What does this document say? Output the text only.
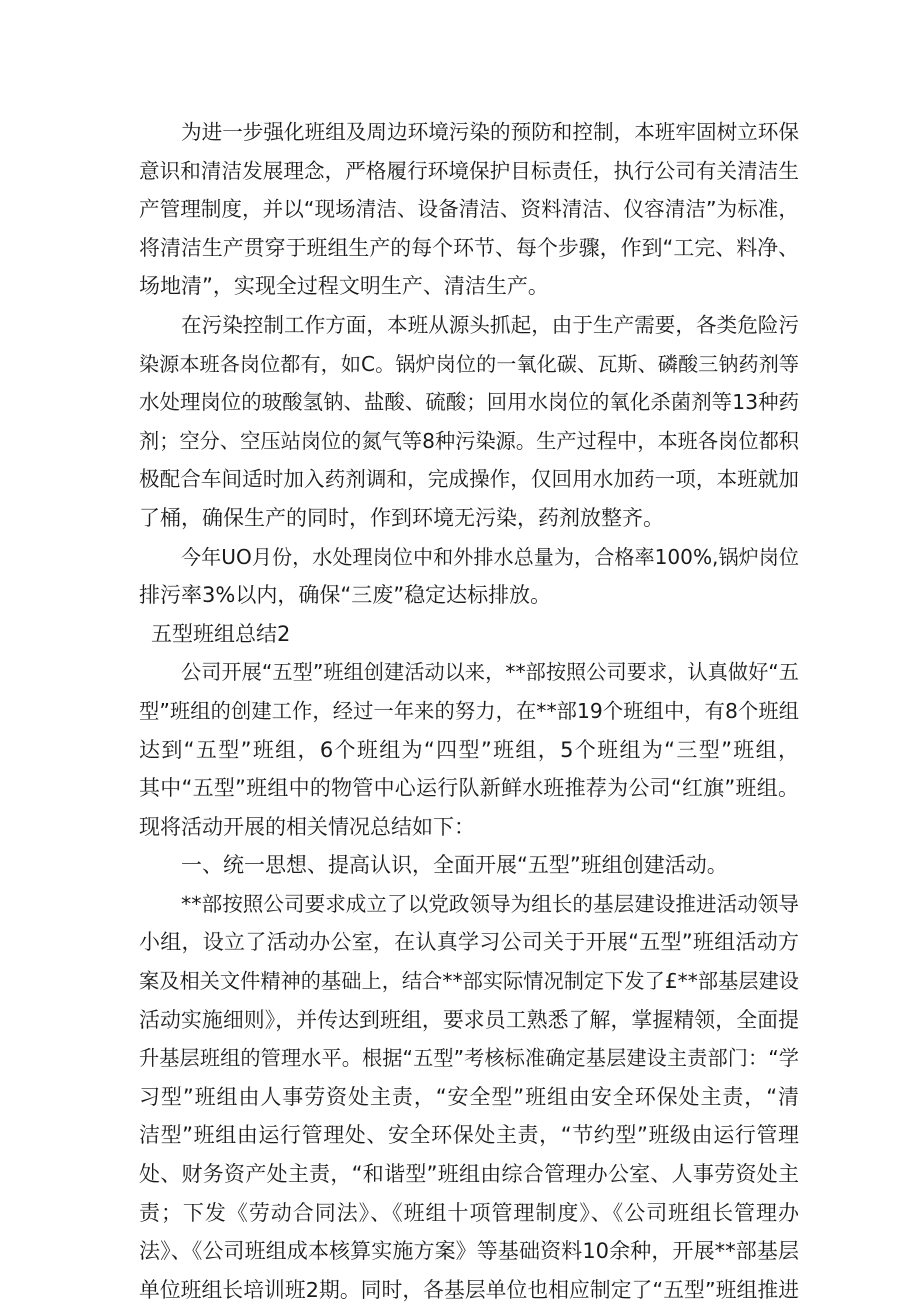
为进一步强化班组及周边环境污染的预防和控制，本班牢固树立环保
意识和清洁发展理念，严格履行环境保护目标责任，执行公司有关清洁生
产管理制度，并以“现场清洁、设备清洁、资料清洁、仪容清洁”为标准，
将清洁生产贯穿于班组生产的每个环节、每个步骤，作到“工完、料净、
场地清”，实现全过程文明生产、清洁生产。
在污染控制工作方面，本班从源头抓起，由于生产需要，各类危险污
染源本班各岗位都有，如C。锅炉岗位的一氧化碳、瓦斯、磷酸三钠药剂等
水处理岗位的玻酸氢钠、盐酸、硫酸；回用水岗位的氧化杀菌剂等13种药
剂；空分、空压站岗位的氮气等8种污染源。生产过程中，本班各岗位都积
极配合车间适时加入药剂调和，完成操作，仅回用水加药一项，本班就加
了桶，确保生产的同时，作到环境无污染，药剂放整齐。
今年UO月份，水处理岗位中和外排水总量为，合格率100%,锅炉岗位
排污率3%以内，确保“三废”稳定达标排放。
五型班组总结2
公司开展“五型”班组创建活动以来，**部按照公司要求，认真做好“五
型”班组的创建工作，经过一年来的努力，在**部19个班组中，有8个班组
达到“五型”班组，6个班组为“四型”班组，5个班组为“三型”班组，
其中“五型”班组中的物管中心运行队新鲜水班推荐为公司“红旗”班组。
现将活动开展的相关情况总结如下：
一、统一思想、提高认识，全面开展“五型”班组创建活动。
**部按照公司要求成立了以党政领导为组长的基层建设推进活动领导
小组，设立了活动办公室，在认真学习公司关于开展“五型”班组活动方
案及相关文件精神的基础上，结合**部实际情况制定下发了£**部基层建设
活动实施细则》，并传达到班组，要求员工熟悉了解，掌握精领，全面提
升基层班组的管理水平。根据“五型”考核标准确定基层建设主责部门：“学
习型”班组由人事劳资处主责，“安全型”班组由安全环保处主责，“清
洁型”班组由运行管理处、安全环保处主责，“节约型”班级由运行管理
处、财务资产处主责，“和谐型”班组由综合管理办公室、人事劳资处主
责；下发《劳动合同法》、《班组十项管理制度》、《公司班组长管理办
法》、《公司班组成本核算实施方案》等基础资料10余种，开展**部基层
单位班组长培训班2期。同时，各基层单位也相应制定了“五型”班组推进
